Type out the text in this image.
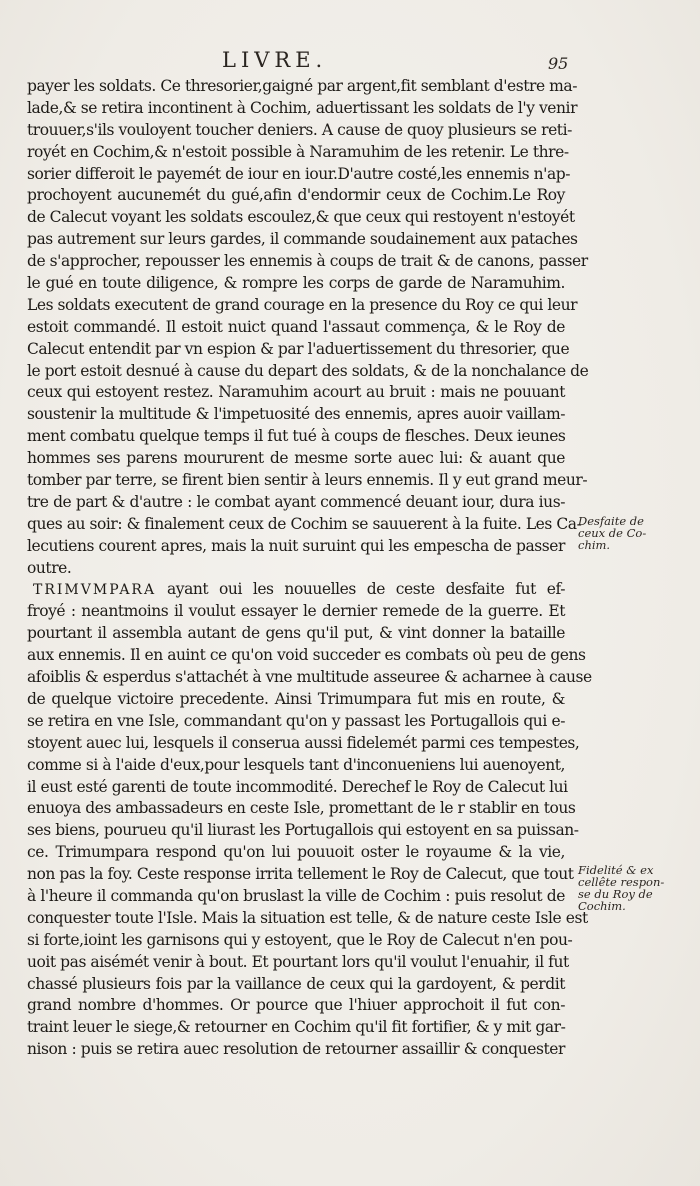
LIVRE.	95
payer les soldats. Ce thresorier,gaigné par argent,fit semblant d'estre ma-
lade,& se retira incontinent à Cochim, aduertissant les soldats de l'y venir
trouuer,s'ils vouloyent toucher deniers. A cause de quoy plusieurs se reti-
royét en Cochim,& n'estoit possible à Naramuhim de les retenir. Le thre-
sorier differoit le payemét de iour en iour.D'autre costé,les ennemis n'ap-
prochoyent aucunemét du gué,afin d'endormir ceux de Cochim.Le Roy
de Calecut voyant les soldats escoulez,& que ceux qui restoyent n'estoyét
pas autrement sur leurs gardes, il commande soudainement aux pataches
de s'approcher, repousser les ennemis à coups de trait & de canons, passer
le gué en toute diligence, & rompre les corps de garde de Naramuhim.
Les soldats executent de grand courage en la presence du Roy ce qui leur
estoit commandé. Il estoit nuict quand l'assaut commença, & le Roy de
Calecut entendit par vn espion & par l'aduertissement du thresorier, que
le port estoit desnué à cause du depart des soldats, & de la nonchalance de
ceux qui estoyent restez. Naramuhim acourt au bruit : mais ne pouuant
soustenir la multitude & l'impetuosité des ennemis, apres auoir vaillam-
ment combatu quelque temps il fut tué à coups de flesches. Deux ieunes
hommes ses parens moururent de mesme sorte auec lui: & auant que
tomber par terre, se firent bien sentir à leurs ennemis. Il y eut grand meur-
tre de part & d'autre : le combat ayant commencé deuant iour, dura ius-
ques au soir: & finalement ceux de Cochim se sauuerent à la fuite. Les Ca-
lecutiens courent apres, mais la nuit suruint qui les empescha de passer
outre.
TRIMVMPARA ayant oui les nouuelles de ceste desfaite fut ef-
froyé : neantmoins il voulut essayer le dernier remede de la guerre. Et
pourtant il assembla autant de gens qu'il put, & vint donner la bataille
aux ennemis. Il en auint ce qu'on void succeder es combats où peu de gens
afoiblis & esperdus s'attachét à vne multitude asseuree & acharnee à cause
de quelque victoire precedente. Ainsi Trimumpara fut mis en route, &
se retira en vne Isle, commandant qu'on y passast les Portugallois qui e-
stoyent auec lui, lesquels il conserua aussi fidelemét parmi ces tempestes,
comme si à l'aide d'eux,pour lesquels tant d'inconueniens lui auenoyent,
il eust esté garenti de toute incommodité. Derechef le Roy de Calecut lui
enuoya des ambassadeurs en ceste Isle, promettant de le r stablir en tous
ses biens, pourueu qu'il liurast les Portugallois qui estoyent en sa puissan-
ce. Trimumpara respond qu'on lui pouuoit oster le royaume & la vie,
non pas la foy. Ceste response irrita tellement le Roy de Calecut, que tout
à l'heure il commanda qu'on bruslast la ville de Cochim : puis resolut de
conquester toute l'Isle. Mais la situation est telle, & de nature ceste Isle est
si forte,ioint les garnisons qui y estoyent, que le Roy de Calecut n'en pou-
uoit pas aisémét venir à bout. Et pourtant lors qu'il voulut l'enuahir, il fut
chassé plusieurs fois par la vaillance de ceux qui la gardoyent, & perdit
grand nombre d'hommes. Or pource que l'hiuer approchoit il fut con-
traint leuer le siege,& retourner en Cochim qu'il fit fortifier, & y mit gar-
nison : puis se retira auec resolution de retourner assaillir & conquester
Desfaite de
ceux de Co-
chim.
Fidelité & ex
cellête respon-
se du Roy de
Cochim.
